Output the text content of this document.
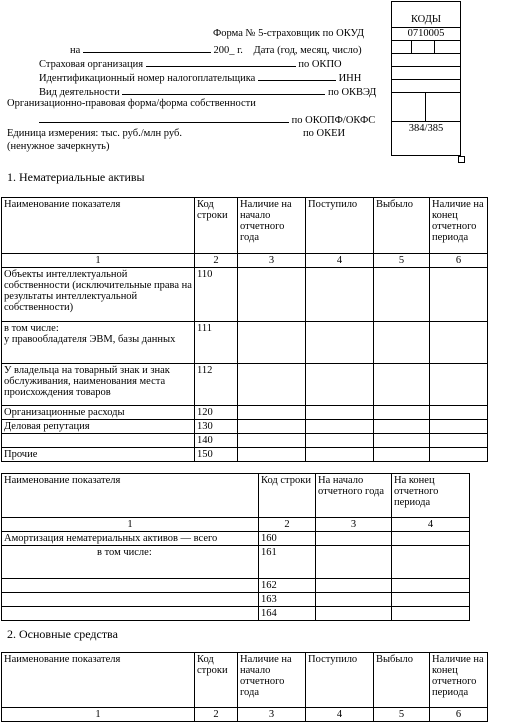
КОДЫ
0710005
384/385
Форма № 5-страховщик по ОКУД
на	200_ г. Дата (год, месяц, число)
Страховая организация	по ОКПО
Идентификационный номер налогоплательщика	ИНН
Вид деятельности	по ОКВЭД
Организационно-правовая форма/форма собственности
по ОКОПФ/ОКФС
Единица измерения: тыс. руб./млн руб.	по ОКЕИ
(ненужное зачеркнуть)
1. Нематериальные активы
Наименование показателя	Код строки	Наличие на начало отчетного года	Поступило	Выбыло	Наличие на конец отчетного периода
1	2	3	4	5	6
Объекты интеллектуальной собственности (исключительные права на результаты интеллектуальной собственности)	110				
в том числе:
у правообладателя ЭВМ, базы данных	111				
У владельца на товарный знак и знак обслуживания, наименования места происхождения товаров	112				
Организационные расходы	120				
Деловая репутация	130				
	140				
Прочие	150				
Наименование показателя	Код строки	На начало отчетного года	На конец отчетного периода
1	2	3	4
Амортизация нематериальных активов — всего	160		
в том числе:	161		
	162		
	163		
	164		
2. Основные средства
Наименование показателя	Код строки	Наличие на начало отчетного года	Поступило	Выбыло	Наличие на конец отчетного периода
1	2	3	4	5	6
